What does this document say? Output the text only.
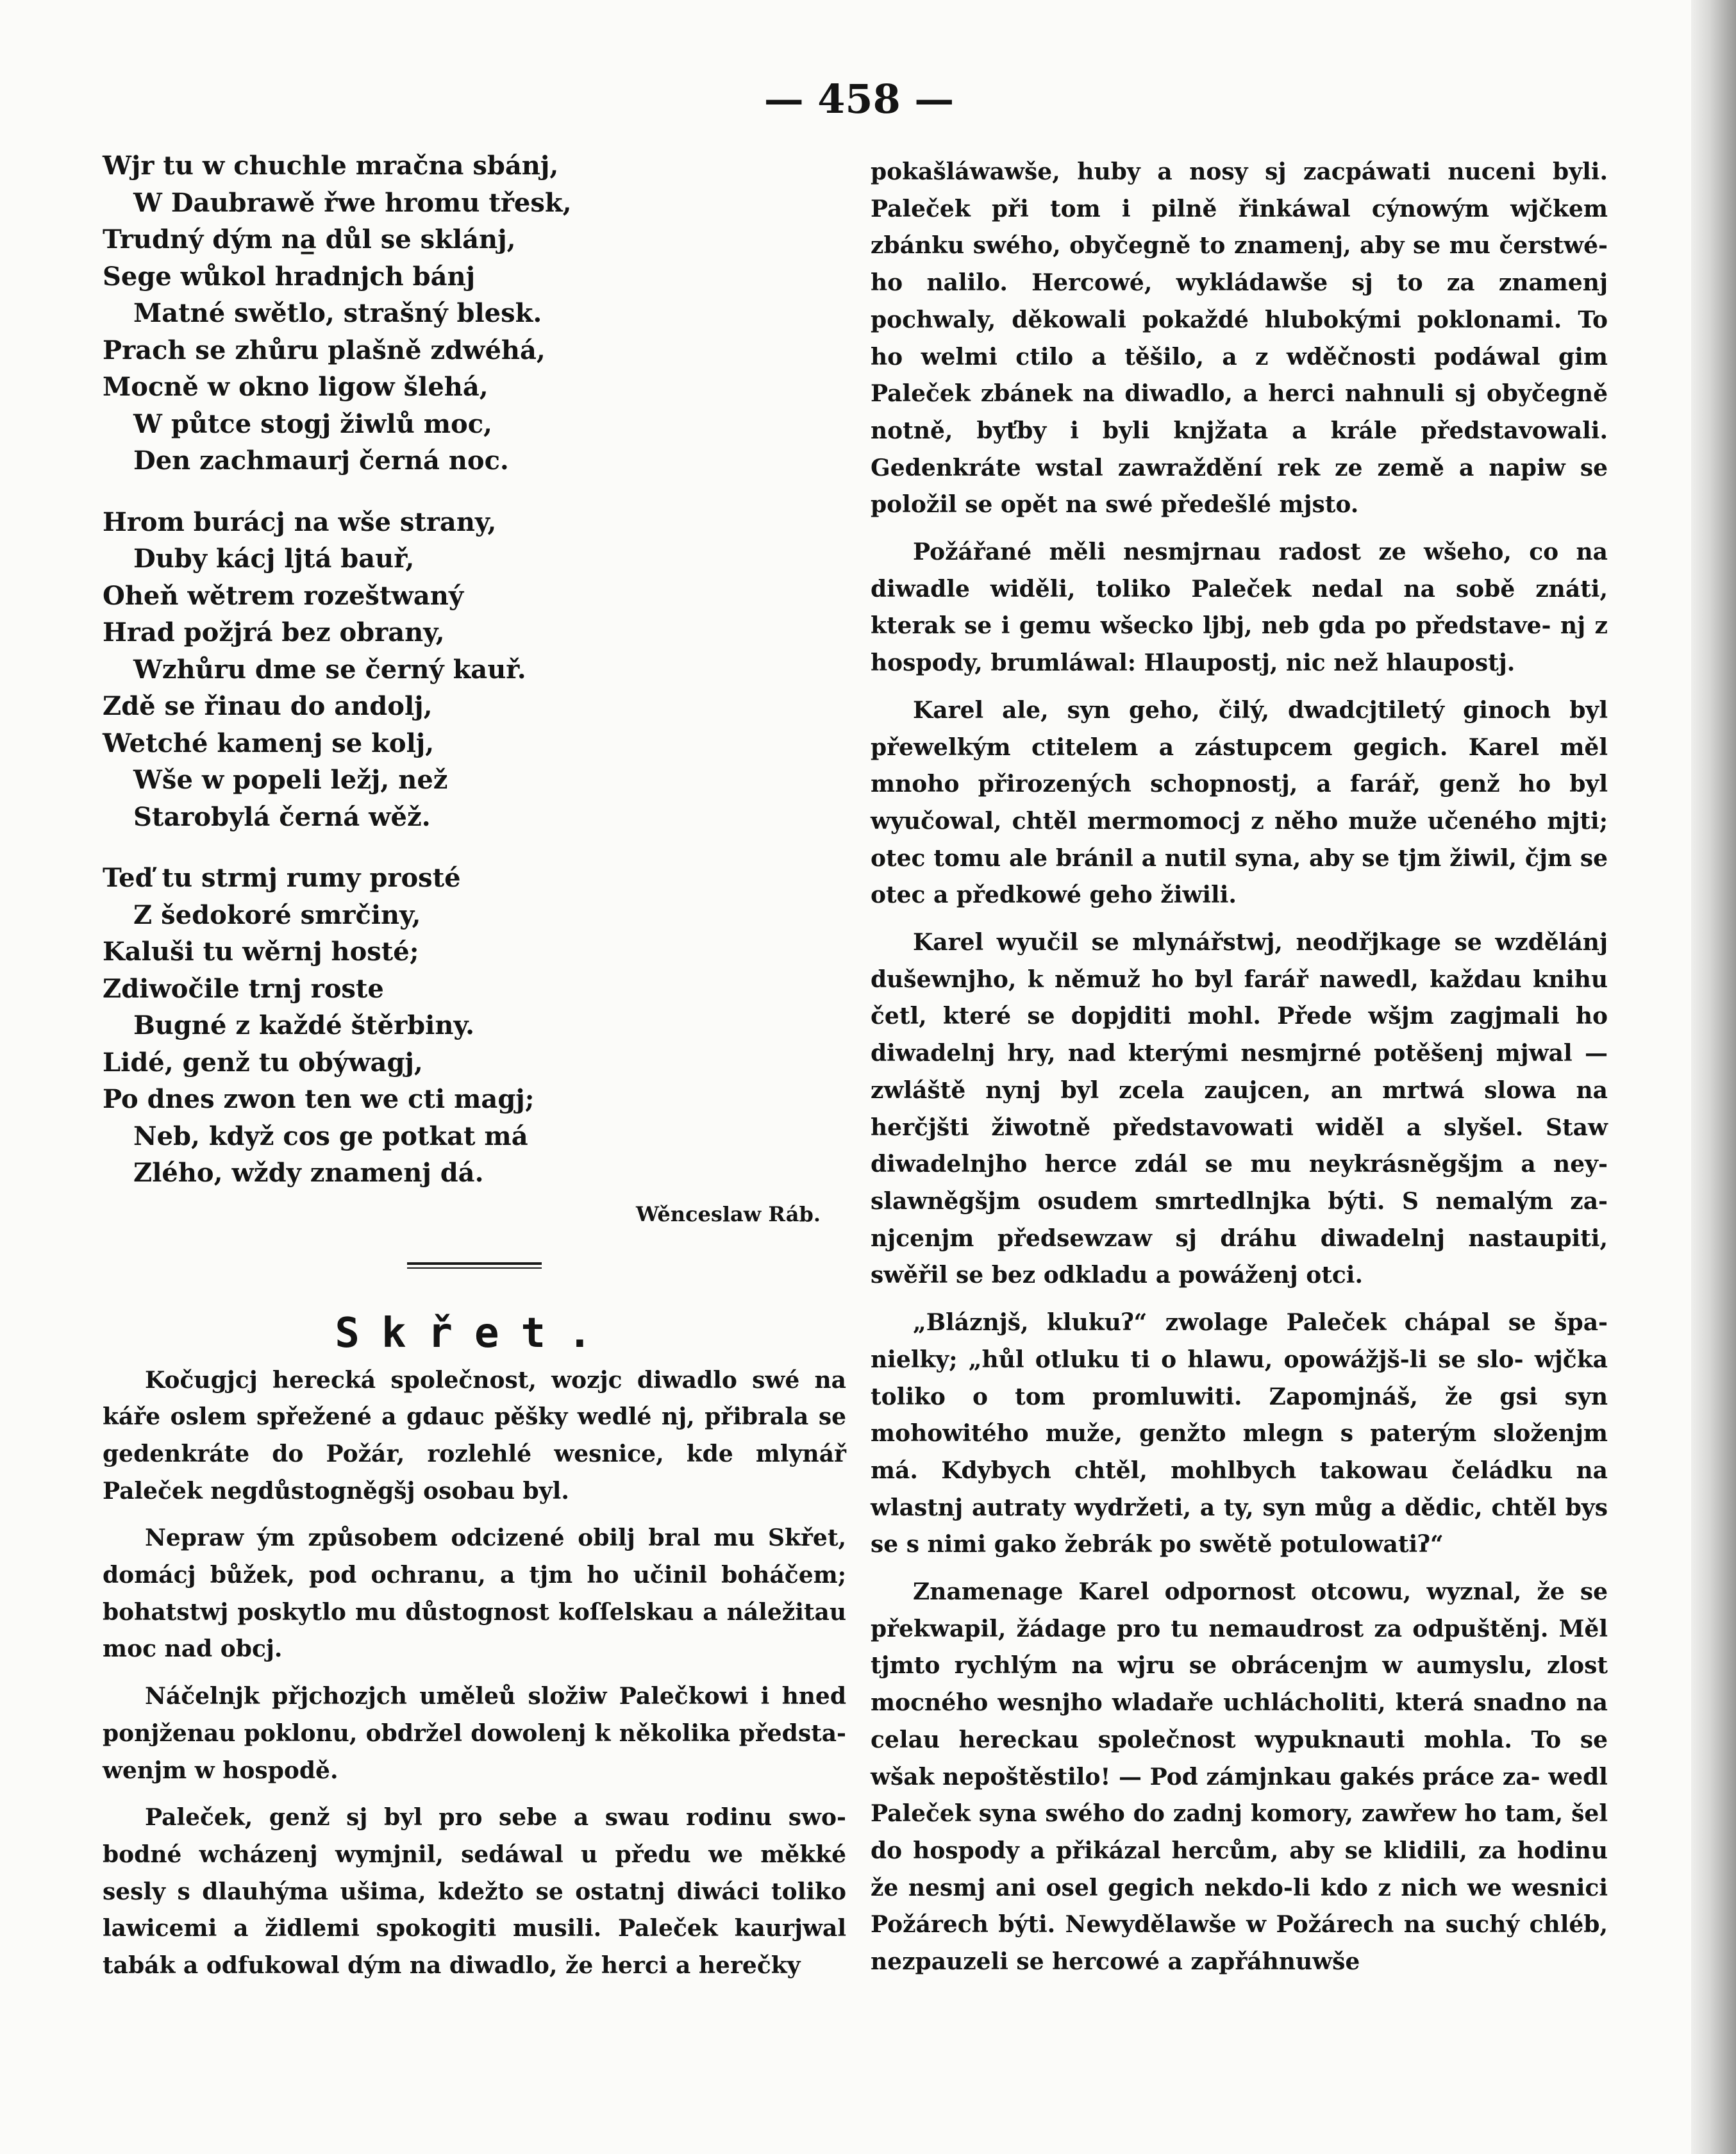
— 458 —
Wjr tu w chuchle mračna sbánj,
W Daubrawě řwe hromu třesk,
Trudný dým na̲ důl se sklánj,
Sege wůkol hradnjch bánj
Matné swětlo, strašný blesk.
Prach se zhůru plašně zdwéhá,
Mocně w okno ligow šlehá,
W půtce stogj žiwlů moc,
Den zachmaurj černá noc.
Hrom burácj na wše strany,
Duby kácj ljtá bauř,
Oheň wětrem rozeštwaný
Hrad požjrá bez obrany,
Wzhůru dme se černý kauř.
Zdě se řinau do andolj,
Wetché kamenj se kolj,
Wše w popeli ležj, než
Starobylá černá wěž.
Teď tu strmj rumy prosté
Z šedokoré smrčiny,
Kaluši tu wěrnj hosté;
Zdiwočile trnj roste
Bugné z každé štěrbiny.
Lidé, genž tu obýwagj,
Po dnes zwon ten we cti magj;
Neb, když cos ge potkat má
Zlého, wždy znamenj dá.
Wěnceslaw Ráb.
Skřet.

Kočugjcj herecká společnost, wozjc diwadlo swé na káře oslem spřežené a gdauc pěšky wedlé nj, přibrala se gedenkráte do Požár, rozlehlé wesnice, kde mlynář Paleček negdůstogněgšj osobau byl.

Nepraw ým způsobem odcizené obilj bral mu Skřet, domácj bůžek, pod ochranu, a tjm ho učinil boháčem; bohatstwj poskytlo mu důstognost koſſelskau a náležitau moc nad obcj.

Náčelnjk přjchozjch uměleů složiw Palečkowi i hned ponjženau poklonu, obdržel dowolenj k několika předsta- wenjm w hospodě.

Paleček, genž sj byl pro sebe a swau rodinu swo- bodné wcházenj wymjnil, sedáwal u předu we měkké sesly s dlauhýma ušima, kdežto se ostatnj diwáci toliko lawicemi a židlemi spokogiti musili. Paleček kaurjwal tabák a odfukowal dým na diwadlo, že herci a herečky

pokašláwawše, huby a nosy sj zacpáwati nuceni byli. Paleček při tom i pilně řinkáwal cýnowým wjčkem zbánku swého, obyčegně to znamenj, aby se mu čerstwé- ho nalilo. Hercowé, wykládawše sj to za znamenj pochwaly, děkowali pokaždé hlubokými poklonami. To ho welmi ctilo a těšilo, a z wděčnosti podáwal gim Paleček zbánek na diwadlo, a herci nahnuli sj obyčegně notně, byťby i byli knjžata a krále představowali. Gedenkráte wstal zawraždění rek ze země a napiw se položil se opět na swé předešlé mjsto.

Požářané měli nesmjrnau radost ze wšeho, co na diwadle widěli, toliko Paleček nedal na sobě znáti, kterak se i gemu wšecko ljbj, neb gda po představe- nj z hospody, brumláwal: Hlaupostj, nic než hlaupostj.

Karel ale, syn geho, čilý, dwadcjtiletý ginoch byl přewelkým ctitelem a zástupcem gegich. Karel měl mnoho přirozených schopnostj, a farář, genž ho byl wyučowal, chtěl mermomocj z něho muže učeného mjti; otec tomu ale bránil a nutil syna, aby se tjm žiwil, čjm se otec a předkowé geho žiwili.

Karel wyučil se mlynářstwj, neodřjkage se wzdělánj dušewnjho, k němuž ho byl farář nawedl, každau knihu četl, které se dopjditi mohl. Přede wšjm zagjmali ho diwadelnj hry, nad kterými nesmjrné potěšenj mjwal — zwláště nynj byl zcela zaujcen, an mrtwá slowa na herčjšti žiwotně představowati widěl a slyšel. Staw diwadelnjho herce zdál se mu neykrásněgšjm a ney- slawněgšjm osudem smrtedlnjka býti. S nemalým za- njcenjm předsewzaw sj dráhu diwadelnj nastaupiti, swěřil se bez odkladu a powáženj otci.

„Bláznjš, klukuʔ“ zwolage Paleček chápal se špa- nielky; „hůl otluku ti o hlawu, opowážjš-li se slo- wjčka toliko o tom promluwiti. Zapomjnáš, že gsi syn mohowitého muže, genžto mlegn s paterým složenjm má. Kdybych chtěl, mohlbych takowau čeládku na wlastnj autraty wydržeti, a ty, syn můg a dědic, chtěl bys se s nimi gako žebrák po swětě potulowatiʔ“

Znamenage Karel odpornost otcowu, wyznal, že se překwapil, žádage pro tu nemaudrost za odpuštěnj. Měl tjmto rychlým na wjru se obrácenjm w aumyslu, zlost mocného wesnjho wladaře uchlácholiti, která snadno na celau hereckau společnost wypuknauti mohla. To se wšak nepoštěstilo! — Pod zámjnkau gakés práce za- wedl Paleček syna swého do zadnj komory, zawřew ho tam, šel do hospody a přikázal hercům, aby se klidili, za hodinu že nesmj ani osel gegich nekdo-li kdo z nich we wesnici Požárech býti. Newydělawše w Požárech na suchý chléb, nezpauzeli se hercowé a zapřáhnuwše
